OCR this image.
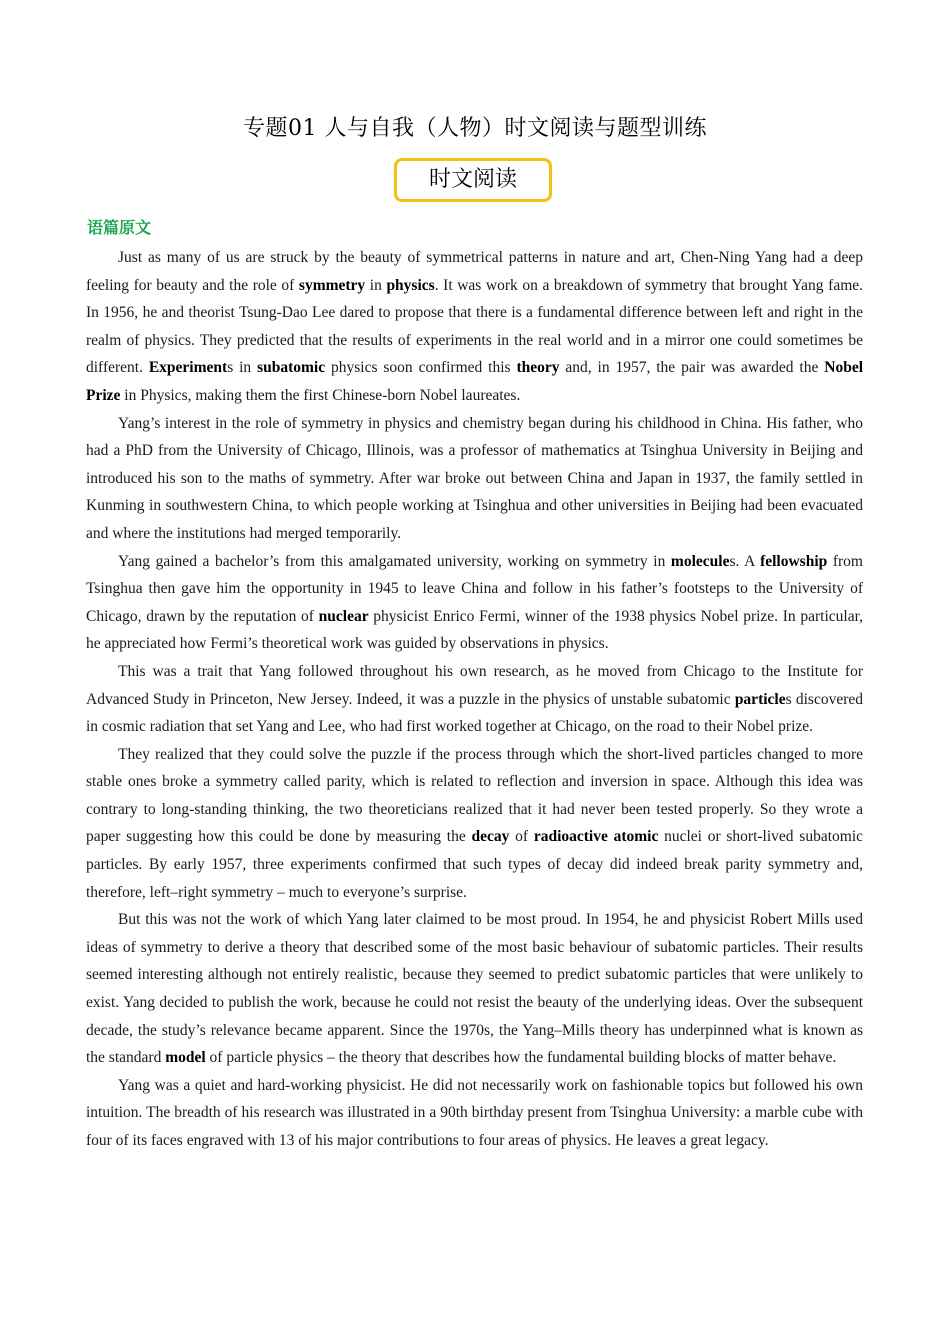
专题01 人与自我（人物）时文阅读与题型训练
时文阅读
语篇原文

Just as many of us are struck by the beauty of symmetrical patterns in nature and art, Chen-Ning Yang had a deep feeling for beauty and the role of symmetry in physics. It was work on a breakdown of symmetry that brought Yang fame. In 1956, he and theorist Tsung-Dao Lee dared to propose that there is a fundamental difference between left and right in the realm of physics. They predicted that the results of experiments in the real world and in a mirror one could sometimes be different. Experiments in subatomic physics soon confirmed this theory and, in 1957, the pair was awarded the Nobel Prize in Physics, making them the first Chinese-born Nobel laureates.

Yang’s interest in the role of symmetry in physics and chemistry began during his childhood in China. His father, who had a PhD from the University of Chicago, Illinois, was a professor of mathematics at Tsinghua University in Beijing and introduced his son to the maths of symmetry. After war broke out between China and Japan in 1937, the family settled in Kunming in southwestern China, to which people working at Tsinghua and other universities in Beijing had been evacuated and where the institutions had merged temporarily.

Yang gained a bachelor’s from this amalgamated university, working on symmetry in molecules. A fellowship from Tsinghua then gave him the opportunity in 1945 to leave China and follow in his father’s footsteps to the University of Chicago, drawn by the reputation of nuclear physicist Enrico Fermi, winner of the 1938 physics Nobel prize. In particular, he appreciated how Fermi’s theoretical work was guided by observations in physics.

This was a trait that Yang followed throughout his own research, as he moved from Chicago to the Institute for Advanced Study in Princeton, New Jersey. Indeed, it was a puzzle in the physics of unstable subatomic particles discovered in cosmic radiation that set Yang and Lee, who had first worked together at Chicago, on the road to their Nobel prize.

They realized that they could solve the puzzle if the process through which the short-lived particles changed to more stable ones broke a symmetry called parity, which is related to reflection and inversion in space. Although this idea was contrary to long-standing thinking, the two theoreticians realized that it had never been tested properly. So they wrote a paper suggesting how this could be done by measuring the decay of radioactive atomic nuclei or short-lived subatomic particles. By early 1957, three experiments confirmed that such types of decay did indeed break parity symmetry and, therefore, left–right symmetry – much to everyone’s surprise.

But this was not the work of which Yang later claimed to be most proud. In 1954, he and physicist Robert Mills used ideas of symmetry to derive a theory that described some of the most basic behaviour of subatomic particles. Their results seemed interesting although not entirely realistic, because they seemed to predict subatomic particles that were unlikely to exist. Yang decided to publish the work, because he could not resist the beauty of the underlying ideas. Over the subsequent decade, the study’s relevance became apparent. Since the 1970s, the Yang–Mills theory has underpinned what is known as the standard model of particle physics – the theory that describes how the fundamental building blocks of matter behave.

Yang was a quiet and hard-working physicist. He did not necessarily work on fashionable topics but followed his own intuition. The breadth of his research was illustrated in a 90th birthday present from Tsinghua University: a marble cube with four of its faces engraved with 13 of his major contributions to four areas of physics. He leaves a great legacy.
